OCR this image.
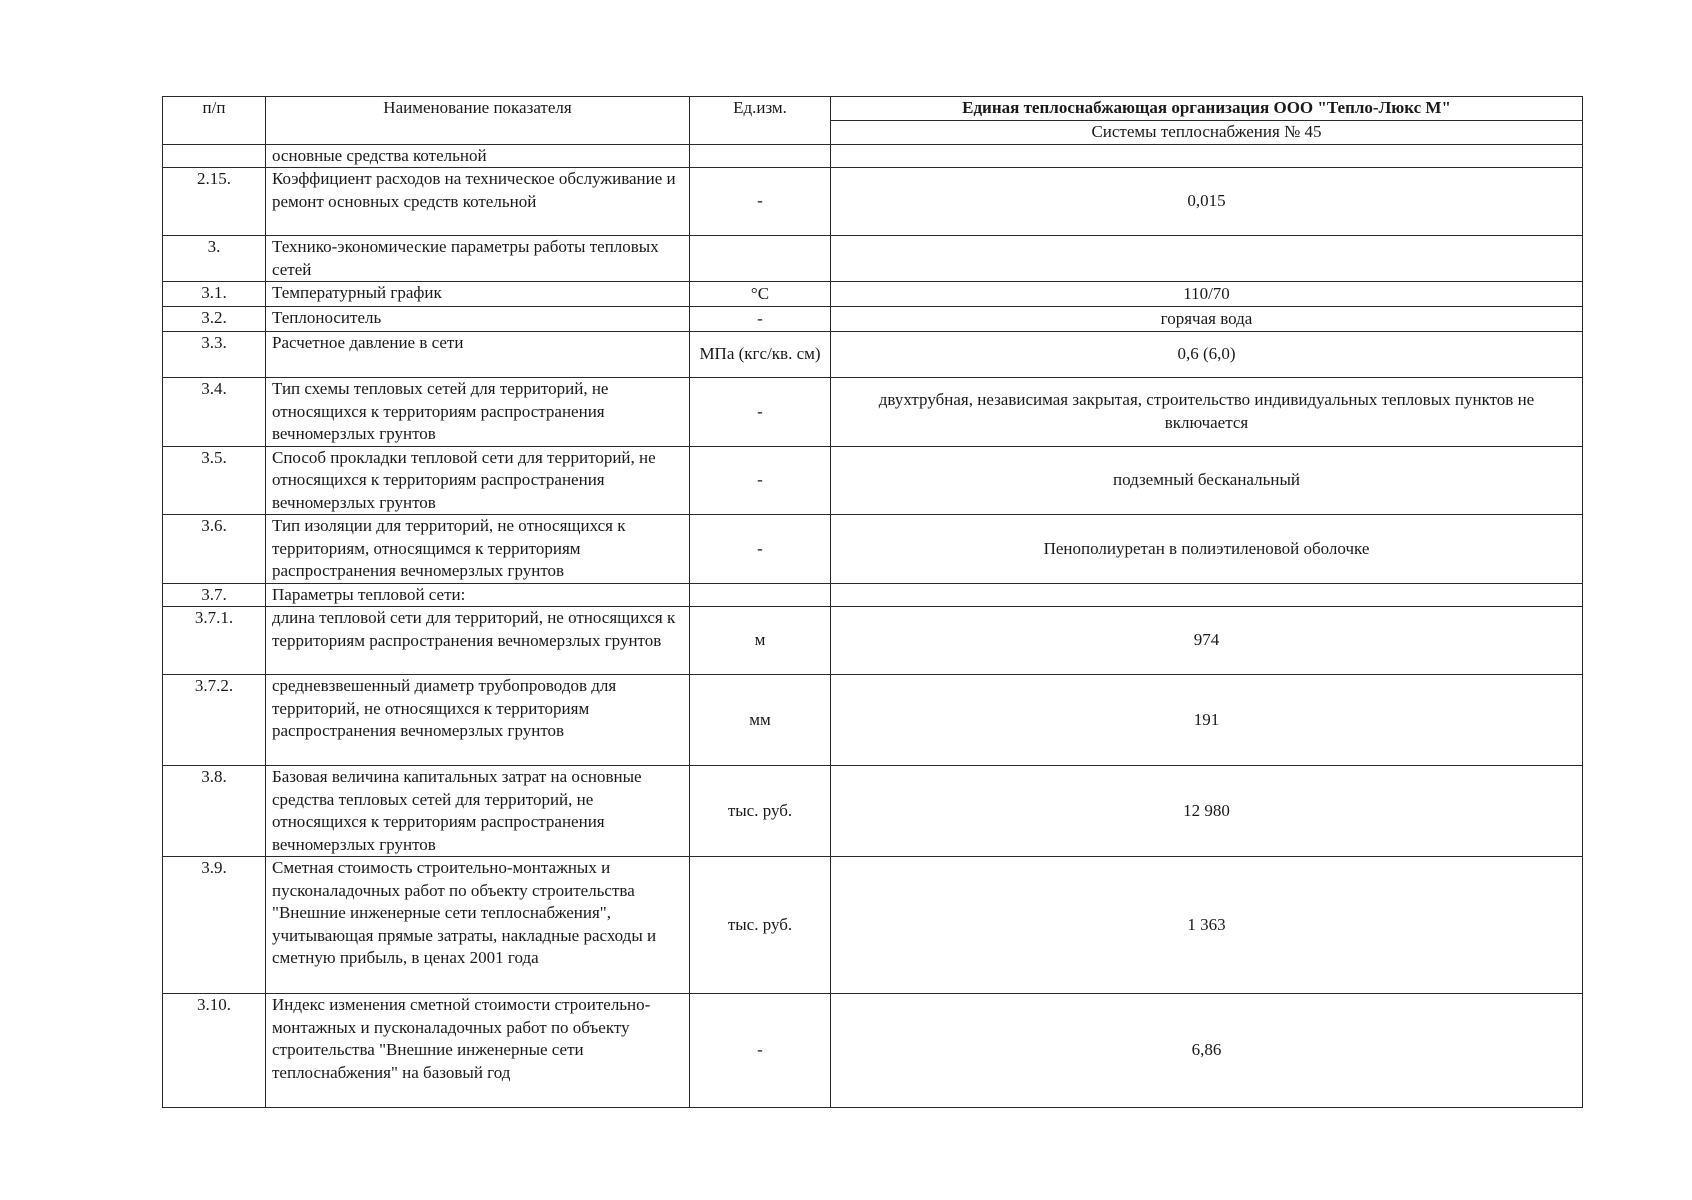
п/п	Наименование показателя	Ед.изм.	Единая теплоснабжающая организация ООО "Тепло-Люкс М"
			Системы теплоснабжения № 45
	основные средства котельной		
2.15.	Коэффициент расходов на техническое обслуживание и ремонт основных средств котельной	-	0,015
3.	Технико-экономические параметры работы тепловых сетей		
3.1.	Температурный график	°С	110/70
3.2.	Теплоноситель	-	горячая вода
3.3.	Расчетное давление в сети	МПа (кгс/кв. см)	0,6 (6,0)
3.4.	Тип схемы тепловых сетей для территорий, не относящихся к территориям распространения вечномерзлых грунтов	-	двухтрубная, независимая закрытая, строительство индивидуальных тепловых пунктов не включается
3.5.	Способ прокладки тепловой сети для территорий, не относящихся к территориям распространения вечномерзлых грунтов	-	подземный бесканальный
3.6.	Тип изоляции для территорий, не относящихся к территориям, относящимся к территориям распространения вечномерзлых грунтов	-	Пенополиуретан в полиэтиленовой оболочке
3.7.	Параметры тепловой сети:		
3.7.1.	длина тепловой сети для территорий, не относящихся к территориям распространения вечномерзлых грунтов	м	974
3.7.2.	средневзвешенный диаметр трубопроводов для территорий, не относящихся к территориям распространения вечномерзлых грунтов	мм	191
3.8.	Базовая величина капитальных затрат на основные средства тепловых сетей для территорий, не относящихся к территориям распространения вечномерзлых грунтов	тыс. руб.	12 980
3.9.	Сметная стоимость строительно-монтажных и пусконаладочных работ по объекту строительства "Внешние инженерные сети теплоснабжения", учитывающая прямые затраты, накладные расходы и сметную прибыль, в ценах 2001 года	тыс. руб.	1 363
3.10.	Индекс изменения сметной стоимости строительно-монтажных и пусконаладочных работ по объекту строительства "Внешние инженерные сети теплоснабжения" на базовый год	-	6,86
